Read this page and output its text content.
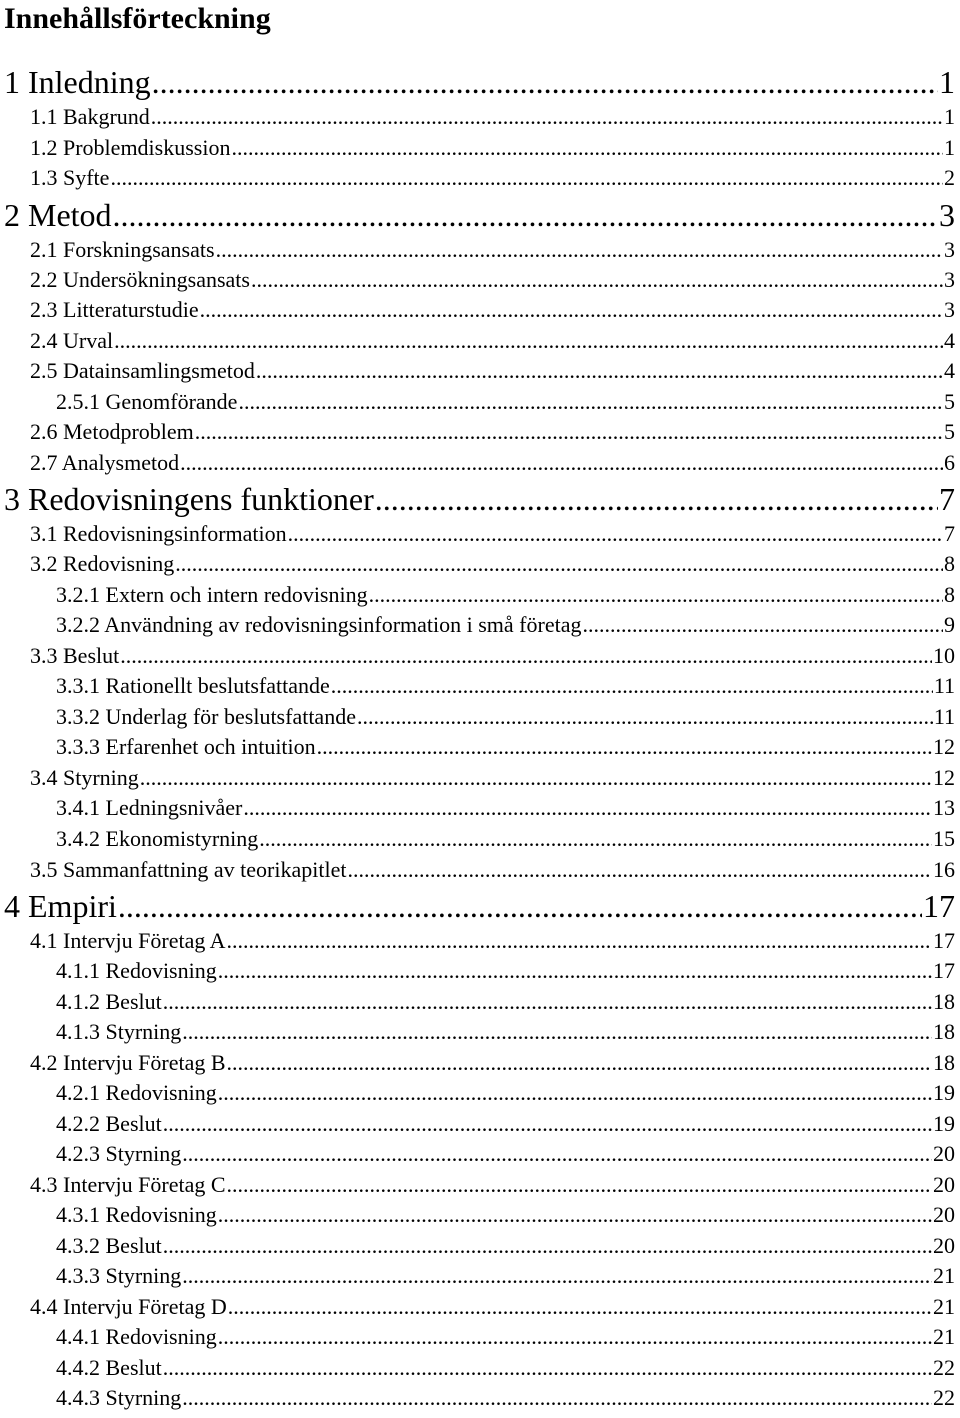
Innehållsförteckning
1 Inledning .....	1
1.1 Bakgrund .....	1
1.2 Problemdiskussion .....	1
1.3 Syfte .....	2
2 Metod .....	3
2.1 Forskningsansats .....	3
2.2 Undersökningsansats .....	3
2.3 Litteraturstudie .....	3
2.4 Urval .....	4
2.5 Datainsamlingsmetod .....	4
2.5.1 Genomförande .....	5
2.6 Metodproblem .....	5
2.7 Analysmetod .....	6
3 Redovisningens funktioner .....	7
3.1 Redovisningsinformation .....	7
3.2 Redovisning .....	8
3.2.1 Extern och intern redovisning .....	8
3.2.2 Användning av redovisningsinformation i små företag .....	9
3.3 Beslut .....	10
3.3.1 Rationellt beslutsfattande .....	11
3.3.2 Underlag för beslutsfattande .....	11
3.3.3 Erfarenhet och intuition .....	12
3.4 Styrning .....	12
3.4.1 Ledningsnivåer .....	13
3.4.2 Ekonomistyrning .....	15
3.5 Sammanfattning av teorikapitlet .....	16
4 Empiri .....	17
4.1 Intervju Företag A .....	17
4.1.1 Redovisning .....	17
4.1.2 Beslut .....	18
4.1.3 Styrning .....	18
4.2 Intervju Företag B .....	18
4.2.1 Redovisning .....	19
4.2.2 Beslut .....	19
4.2.3 Styrning .....	20
4.3 Intervju Företag C .....	20
4.3.1 Redovisning .....	20
4.3.2 Beslut .....	20
4.3.3 Styrning .....	21
4.4 Intervju Företag D .....	21
4.4.1 Redovisning .....	21
4.4.2 Beslut .....	22
4.4.3 Styrning .....	22
